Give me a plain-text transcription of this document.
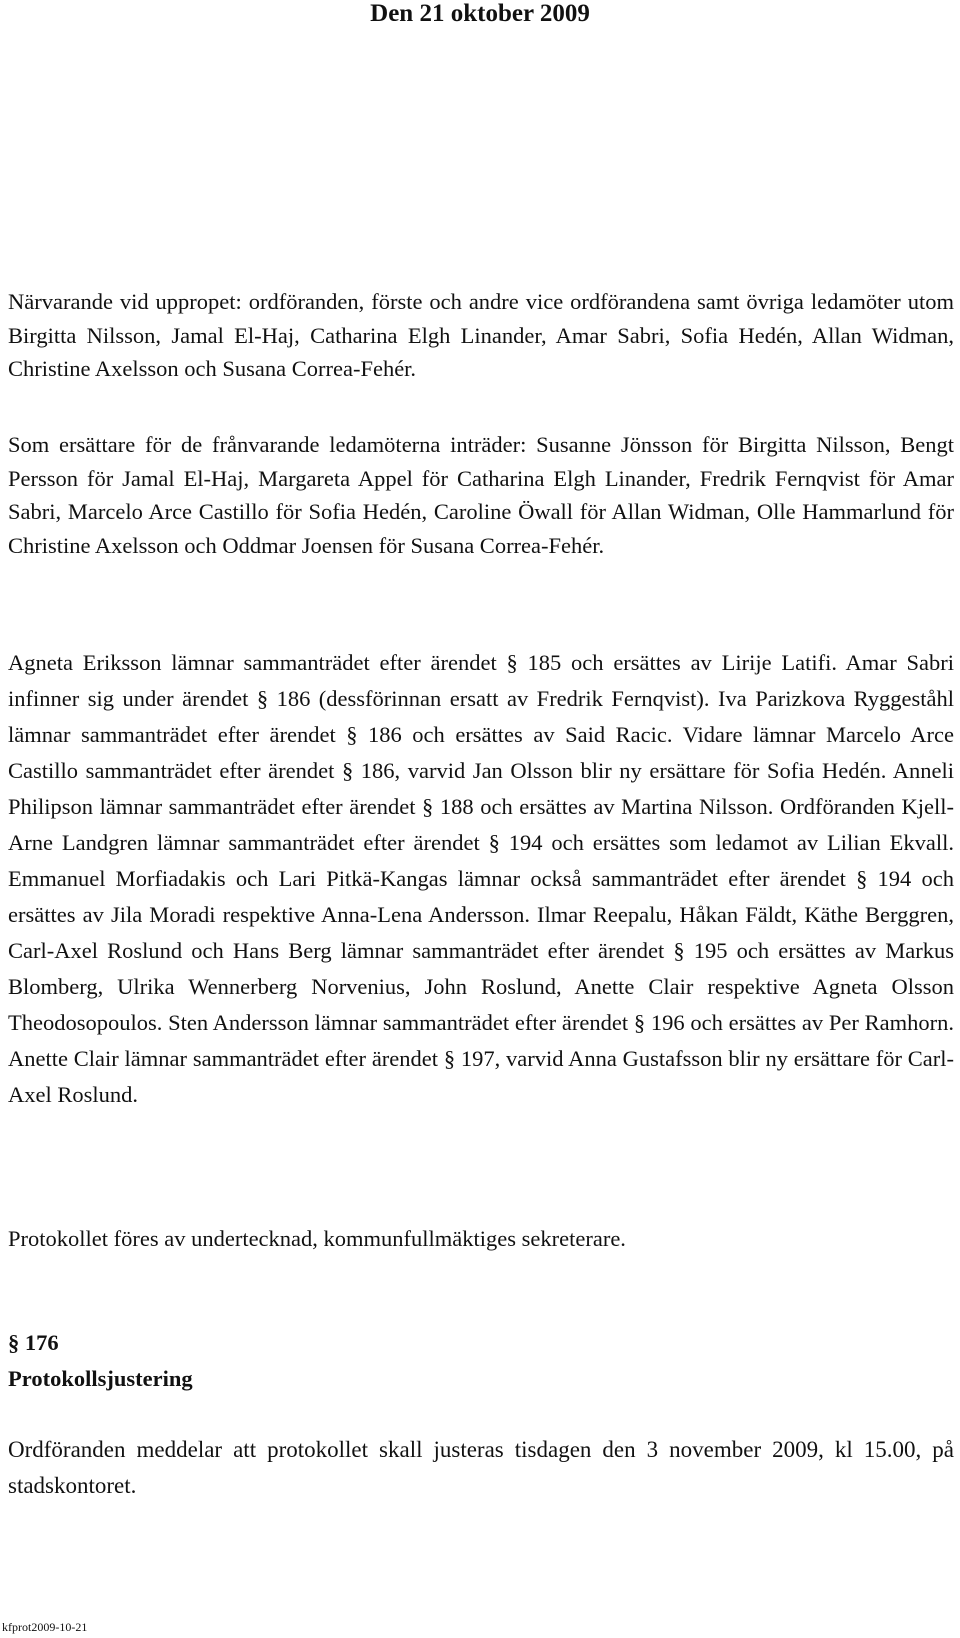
Den 21 oktober 2009

Närvarande vid uppropet: ordföranden, förste och andre vice ordförandena samt övriga ledamöter utom Birgitta Nilsson, Jamal El-Haj, Catharina Elgh Linander, Amar Sabri, Sofia Hedén, Allan Widman, Christine Axelsson och Susana Correa-Fehér.

Som ersättare för de frånvarande ledamöterna inträder: Susanne Jönsson för Birgitta Nilsson, Bengt Persson för Jamal El-Haj, Margareta Appel för Catharina Elgh Linander, Fredrik Fernqvist för Amar Sabri, Marcelo Arce Castillo för Sofia Hedén, Caroline Öwall för Allan Widman, Olle Hammarlund för Christine Axelsson och Oddmar Joensen för Susana Correa-Fehér.

Agneta Eriksson lämnar sammanträdet efter ärendet § 185 och ersättes av Lirije Latifi. Amar Sabri infinner sig under ärendet § 186 (dessförinnan ersatt av Fredrik Fernqvist). Iva Parizkova Ryggeståhl lämnar sammanträdet efter ärendet § 186 och ersättes av Said Racic. Vidare lämnar Marcelo Arce Castillo sammanträdet efter ärendet § 186, varvid Jan Olsson blir ny ersättare för Sofia Hedén. Anneli Philipson lämnar sammanträdet efter ärendet § 188 och ersättes av Martina Nilsson. Ordföranden Kjell-Arne Landgren lämnar sammanträdet efter ärendet § 194 och ersättes som ledamot av Lilian Ekvall. Emmanuel Morfiadakis och Lari Pitkä-Kangas lämnar också sammanträdet efter ärendet § 194 och ersättes av Jila Moradi respektive Anna-Lena Andersson. Ilmar Reepalu, Håkan Fäldt, Käthe Berggren, Carl-Axel Roslund och Hans Berg lämnar sammanträdet efter ärendet § 195 och ersättes av Markus Blomberg, Ulrika Wennerberg Norvenius, John Roslund, Anette Clair respektive Agneta Olsson Theodosopoulos. Sten Andersson lämnar sammanträdet efter ärendet § 196 och ersättes av Per Ramhorn. Anette Clair lämnar sammanträdet efter ärendet § 197, varvid Anna Gustafsson blir ny ersättare för Carl-Axel Roslund.

Protokollet föres av undertecknad, kommunfullmäktiges sekreterare.

§ 176
Protokollsjustering

Ordföranden meddelar att protokollet skall justeras tisdagen den 3 november 2009, kl 15.00, på stadskontoret.

kfprot2009-10-21
